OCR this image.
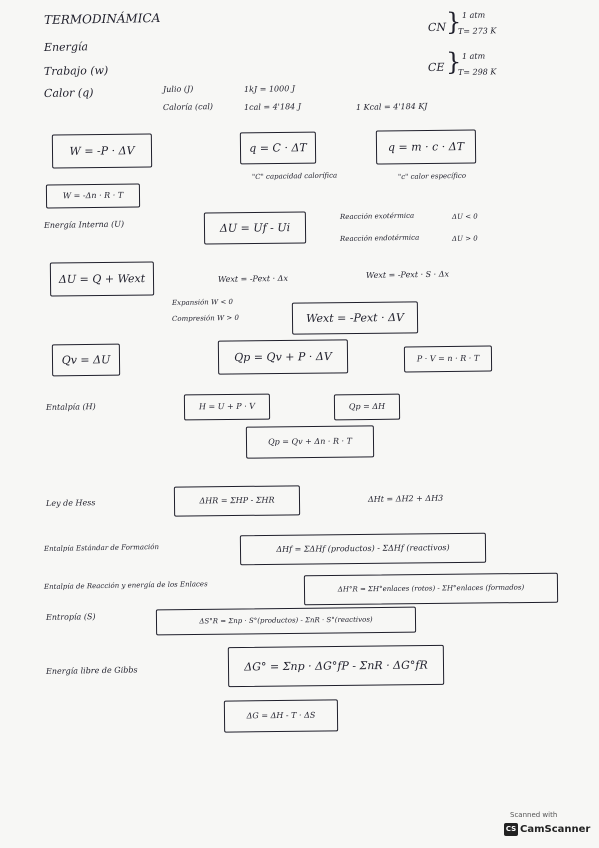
TERMODINÁMICA
Energía
Trabajo (w)
Calor (q)
CN } 1 atm
T= 273 K
CE } 1 atm
T= 298 K
Julio (J)
Caloría (cal)
1kJ = 1000 J
1cal = 4'184 J	1 Kcal = 4'184 KJ
W = -P · ΔV	q = C · ΔT	q = m · c · ΔT
"C" capacidad calorífica	"c" calor específico
W = -Δn · R · T
Energía Interna (U)	ΔU = Uf - Ui
Reacción exotérmica	ΔU < 0
Reacción endotérmica	ΔU > 0
ΔU = Q + Wext	Wext = -Pext · Δx	Wext = -Pext · S · Δx
Expansión W < 0
Compresión W > 0	Wext = -Pext · ΔV
Qv = ΔU	Qp = Qv + P · ΔV	P · V = n · R · T
Entalpía (H)	H = U + P · V	Qp = ΔH
Qp = Qv + Δn · R · T
Ley de Hess	ΔHR = ΣHP - ΣHR	ΔHt = ΔH2 + ΔH3
Entalpía Estándar de Formación	ΔHf = ΣΔHf (productos) - ΣΔHf (reactivos)
Entalpía de Reacción y energía de los Enlaces	ΔH°R = ΣH°enlaces (rotos) - ΣH°enlaces (formados)
Entropía (S)	ΔS°R = Σnp · S°(productos) - ΣnR · S°(reactivos)
Energía libre de Gibbs	ΔG° = Σnp · ΔG°fP - ΣnR · ΔG°fR
ΔG = ΔH - T · ΔS
Scanned with
CS CamScanner
